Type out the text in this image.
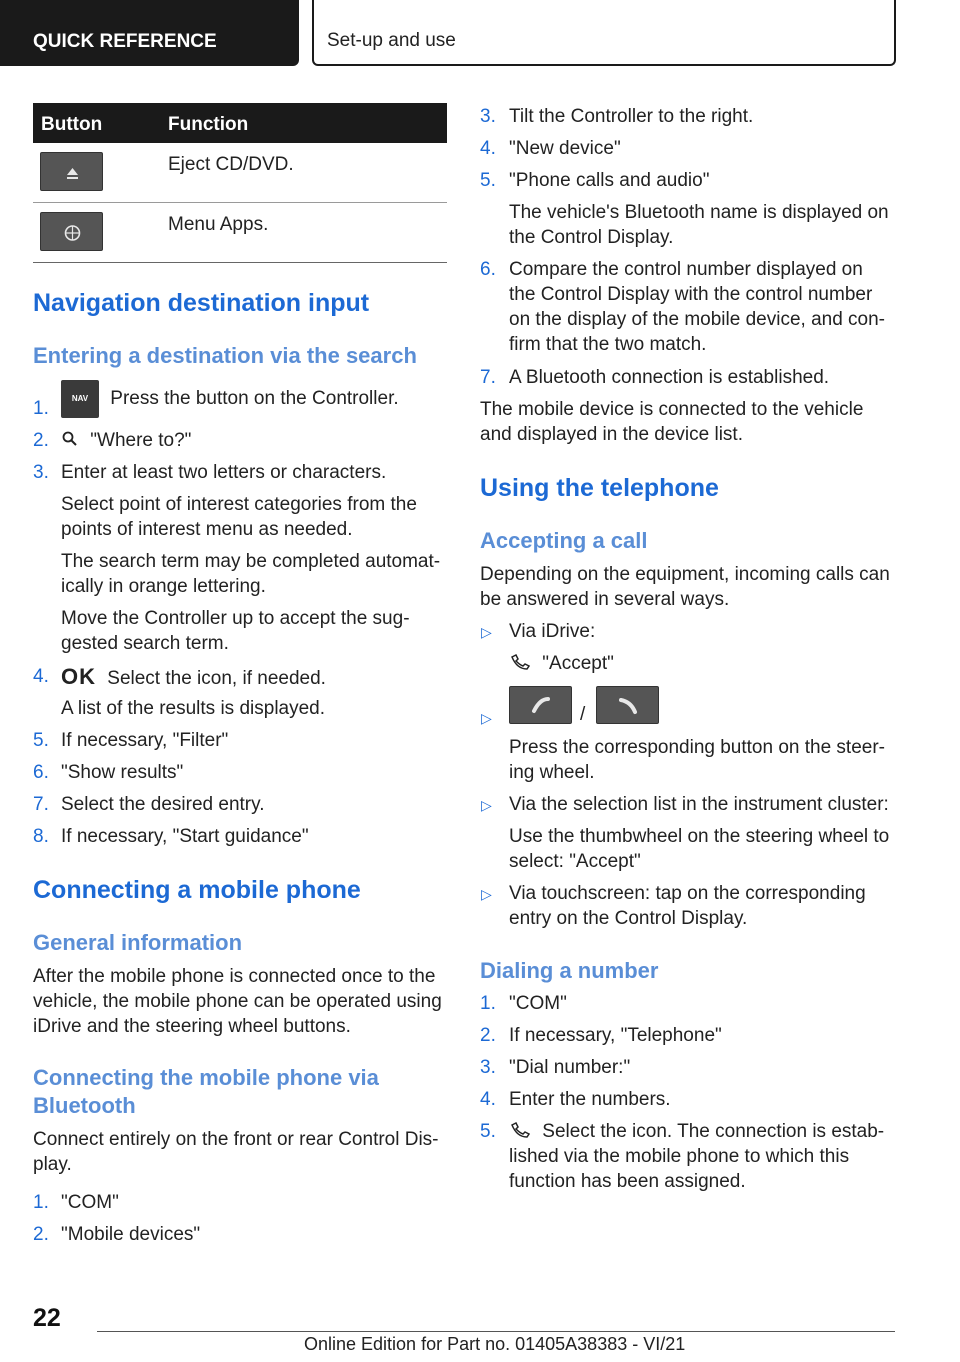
QUICK REFERENCE	Set-up and use
Button	Function
Eject CD/DVD.
Menu Apps.
Navigation destination input
Entering a destination via the search
1.	NAV Press the button on the Controller.
2.	"Where to?"
3. Enter at least two letters or characters.
Select point of interest categories from the
points of interest menu as needed.
The search term may be completed automat-
ically in orange lettering.
Move the Controller up to accept the sug-
gested search term.
4. OK Select the icon, if needed.
A list of the results is displayed.
5. If necessary, "Filter"
6. "Show results"
7. Select the desired entry.
8. If necessary, "Start guidance"
Connecting a mobile phone
General information
After the mobile phone is connected once to the
vehicle, the mobile phone can be operated using
iDrive and the steering wheel buttons.
Connecting the mobile phone via
Bluetooth
Connect entirely on the front or rear Control Dis-
play.
1. "COM"
2. "Mobile devices"
3. Tilt the Controller to the right.
4. "New device"
5. "Phone calls and audio"
The vehicle's Bluetooth name is displayed on
the Control Display.
6. Compare the control number displayed on
the Control Display with the control number
on the display of the mobile device, and con-
firm that the two match.
7. A Bluetooth connection is established.
The mobile device is connected to the vehicle
and displayed in the device list.
Using the telephone
Accepting a call
Depending on the equipment, incoming calls can
be answered in several ways.
▷ Via iDrive:
"Accept"
▷	/
Press the corresponding button on the steer-
ing wheel.
▷ Via the selection list in the instrument cluster:
Use the thumbwheel on the steering wheel to
select: "Accept"
▷ Via touchscreen: tap on the corresponding
entry on the Control Display.
Dialing a number
1. "COM"
2. If necessary, "Telephone"
3. "Dial number:"
4. Enter the numbers.
5.	Select the icon. The connection is estab-
lished via the mobile phone to which this
function has been assigned.
22
Online Edition for Part no. 01405A38383 - VI/21
